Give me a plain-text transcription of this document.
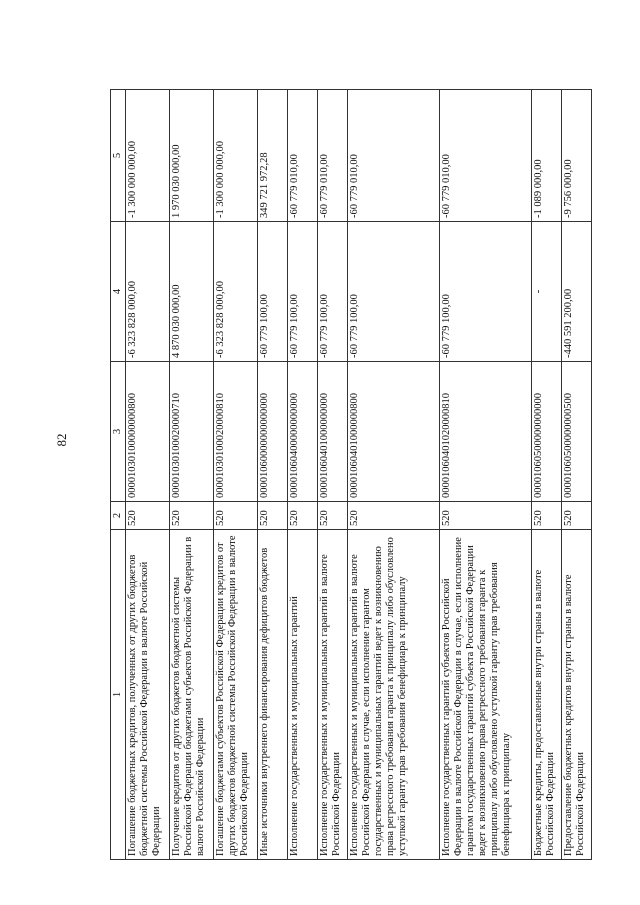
82
1	2	3	4	5
Погашение бюджетных кредитов, полученных от других бюджетов бюджетной системы Российской Федерации в валюте Российской Федерации	520	00001030100000000800	-6 323 828 000,00	-1 300 000 000,00
Получение кредитов от других бюджетов бюджетной системы Российской Федерации бюджетами субъектов Российской Федерации в валюте Российской Федерации	520	00001030100020000710	4 870 030 000,00	1 970 030 000,00
Погашение бюджетами субъектов Российской Федерации кредитов от других бюджетов бюджетной системы Российской Федерации в валюте Российской Федерации	520	00001030100020000810	-6 323 828 000,00	-1 300 000 000,00
Иные источники внутреннего финансирования дефицитов бюджетов	520	00001060000000000000	-60 779 100,00	349 721 972,28
Исполнение государственных и муниципальных гарантий	520	00001060400000000000	-60 779 100,00	-60 779 010,00
Исполнение государственных и муниципальных гарантий в валюте Российской Федерации	520	00001060401000000000	-60 779 100,00	-60 779 010,00
Исполнение государственных и муниципальных гарантий в валюте Российской Федерации в случае, если исполнение гарантом государственных и муниципальных гарантий ведет к возникновению права регрессного требования гаранта к принципалу либо обусловлено уступкой гаранту прав требования бенефициара к принципалу	520	00001060401000000800	-60 779 100,00	-60 779 010,00
Исполнение государственных гарантий субъектов Российской Федерации в валюте Российской Федерации в случае, если исполнение гарантом государственных гарантий субъекта Российской Федерации ведет к возникновению права регрессного требования гаранта к принципалу либо обусловлено уступкой гаранту прав требования бенефициара к принципалу	520	00001060401020000810	-60 779 100,00	-60 779 010,00
Бюджетные кредиты, предоставленные внутри страны в валюте Российской Федерации	520	00001060500000000000	-	-1 089 000,00
Предоставление бюджетных кредитов внутри страны в валюте Российской Федерации	520	00001060500000000500	-440 591 200,00	-9 756 000,00
